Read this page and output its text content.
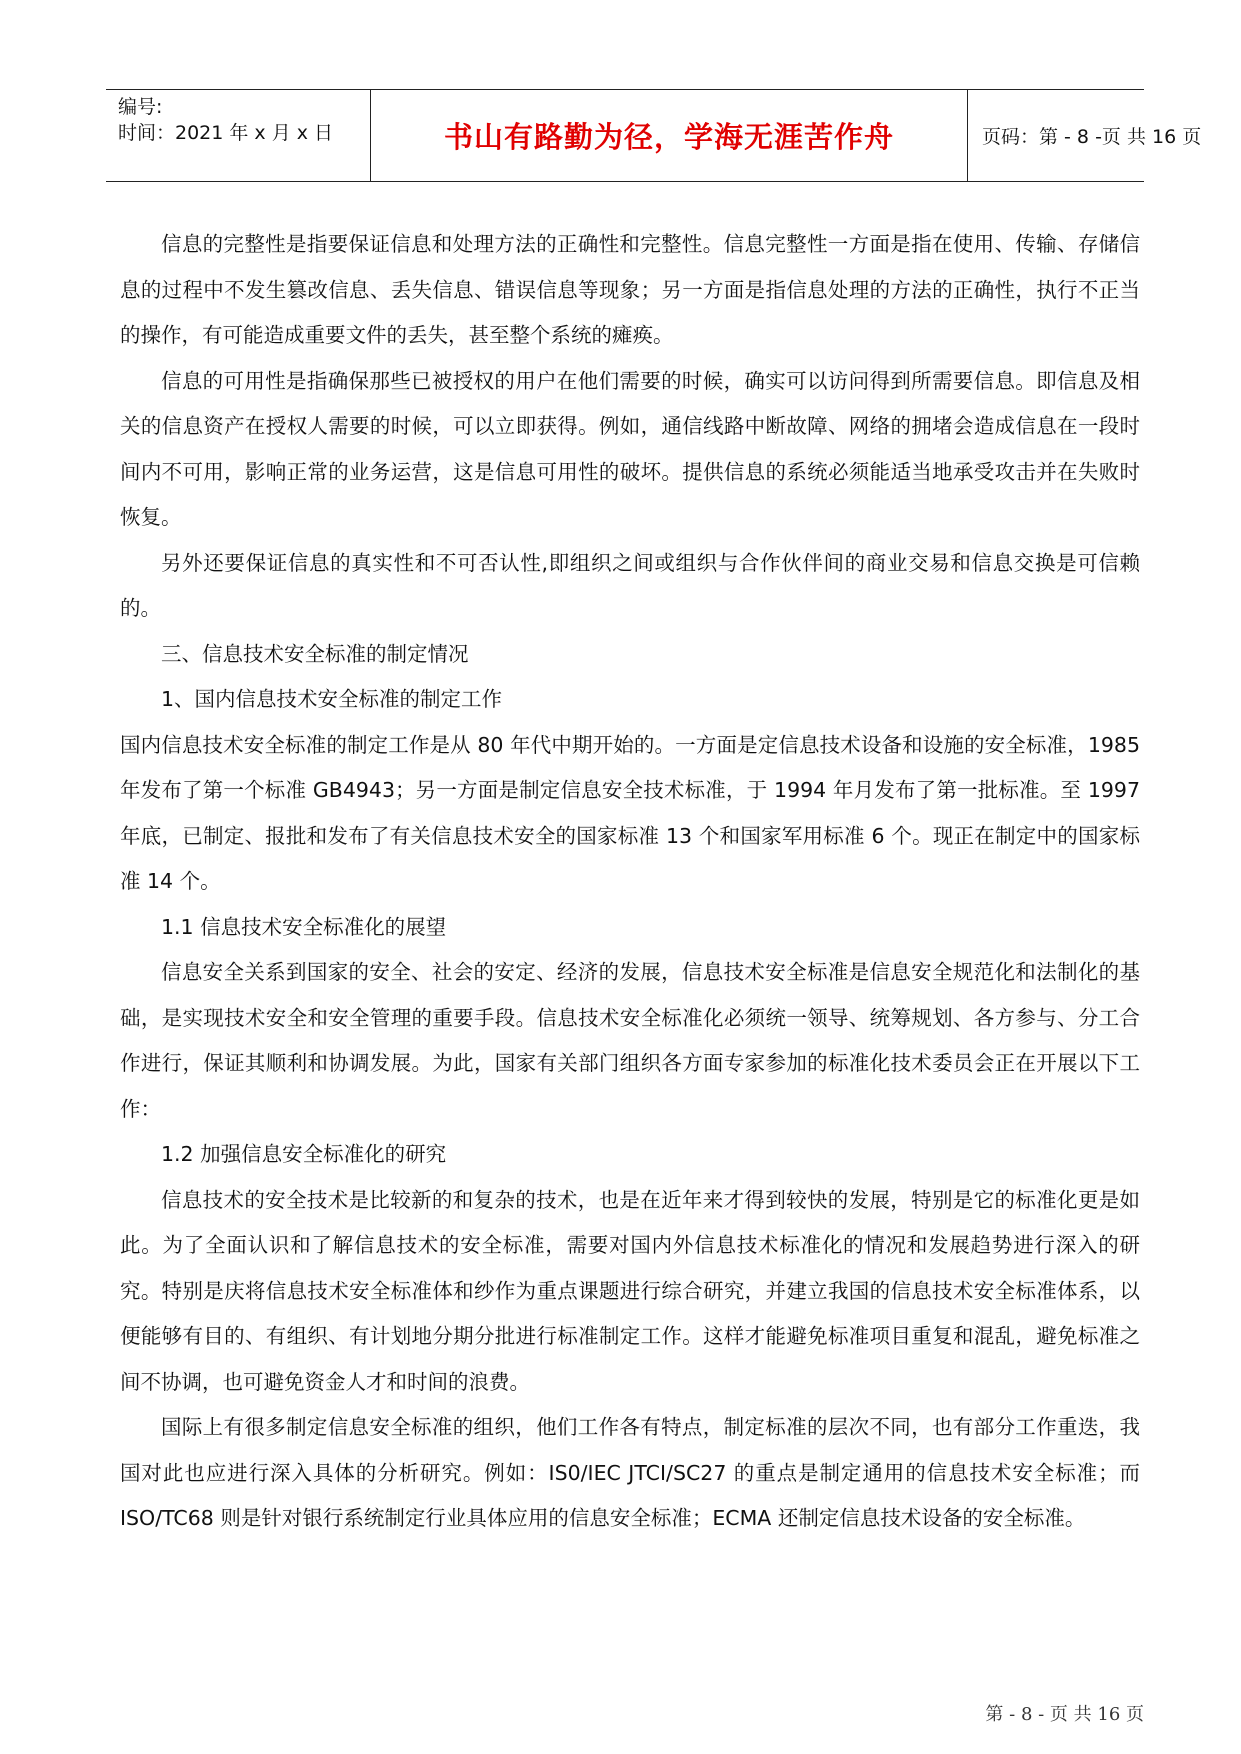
编号:
时间：2021 年 x 月 x 日	书山有路勤为径，学海无涯苦作舟	页码：第 - 8 -页 共 16 页

信息的完整性是指要保证信息和处理方法的正确性和完整性。信息完整性一方面是指在使用、传输、存储信息的过程中不发生篡改信息、丢失信息、错误信息等现象；另一方面是指信息处理的方法的正确性，执行不正当的操作，有可能造成重要文件的丢失，甚至整个系统的瘫痪。

信息的可用性是指确保那些已被授权的用户在他们需要的时候，确实可以访问得到所需要信息。即信息及相关的信息资产在授权人需要的时候，可以立即获得。例如，通信线路中断故障、网络的拥堵会造成信息在一段时间内不可用，影响正常的业务运营，这是信息可用性的破坏。提供信息的系统必须能适当地承受攻击并在失败时恢复。

另外还要保证信息的真实性和不可否认性,即组织之间或组织与合作伙伴间的商业交易和信息交换是可信赖的。

三、信息技术安全标准的制定情况

1、国内信息技术安全标准的制定工作

国内信息技术安全标准的制定工作是从 80 年代中期开始的。一方面是定信息技术设备和设施的安全标准，1985 年发布了第一个标准 GB4943；另一方面是制定信息安全技术标准，于 1994 年月发布了第一批标准。至 1997 年底，已制定、报批和发布了有关信息技术安全的国家标准 13 个和国家军用标准 6 个。现正在制定中的国家标准 14 个。

1.1 信息技术安全标准化的展望

信息安全关系到国家的安全、社会的安定、经济的发展，信息技术安全标准是信息安全规范化和法制化的基础，是实现技术安全和安全管理的重要手段。信息技术安全标准化必须统一领导、统筹规划、各方参与、分工合作进行，保证其顺利和协调发展。为此，国家有关部门组织各方面专家参加的标准化技术委员会正在开展以下工作：

1.2 加强信息安全标准化的研究

信息技术的安全技术是比较新的和复杂的技术，也是在近年来才得到较快的发展，特别是它的标准化更是如此。为了全面认识和了解信息技术的安全标准，需要对国内外信息技术标准化的情况和发展趋势进行深入的研究。特别是庆将信息技术安全标准体和纱作为重点课题进行综合研究，并建立我国的信息技术安全标准体系，以便能够有目的、有组织、有计划地分期分批进行标准制定工作。这样才能避免标准项目重复和混乱，避免标准之间不协调，也可避免资金人才和时间的浪费。

国际上有很多制定信息安全标准的组织，他们工作各有特点，制定标准的层次不同，也有部分工作重迭，我国对此也应进行深入具体的分析研究。例如：IS0/IEC JTCI/SC27 的重点是制定通用的信息技术安全标准；而 ISO/TC68 则是针对银行系统制定行业具体应用的信息安全标准；ECMA 还制定信息技术设备的安全标准。

第 - 8 - 页 共 16 页
